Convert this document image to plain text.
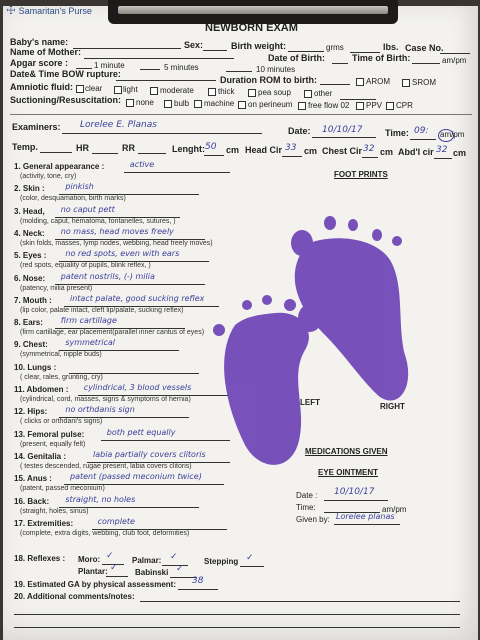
☩ Samaritan's Purse
NEWBORN EXAM
Baby's name:	Sex:	Birth weight:	grms	lbs. Case No.
Name of Mother:
Date of Birth:	Time of Birth:	am/pm
Apgar score :	1 minute	5 minutes	10 minutes
Date& Time BOW rupture:
Duration ROM to birth:	AROM	SROM
Amniotic fluid: clear	light	moderate	thick	pea soup	other
Suctioning/Resuscitation: none	bulb machine on perineum free flow 02 PPV CPR
Examiners: Lorelee E. Planas
Date: 10/10/17	Time: 09: am/pm
Temp.	HR	RR	Lenght: 50 cm Head Cir 33 cm Chest Cir 32 cm Abd'l cir 32 cm
1. General appearance :	active
(activity, tone, cry)
2. Skin :	pinkish
(color, desquamation, birth marks)
3. Head, no caput pett
(molding, caput, hematoma, fontanelles, sutures, )
4. Neck: no mass, head moves freely
(skin folds, masses, lymp nodes, webbing, head freely moves)
5. Eyes : no red spots, even with ears
(red spots, equality of pupils, blink reflex, )
6. Nose: patent nostrils, (-) milia
(patency, milia present)
7. Mouth : intact palate, good sucking reflex
(lip color, palate intact, cleft lip/palate, sucking reflex)
8. Ears: firm cartillage
(firm cartillage, ear placement(parallel inner cantus of eyes)
9. Chest: symmetrical
(symmetrical, nipple buds)
10. Lungs :
( clear, rales, grunting, cry)
11. Abdomen : cylindrical, 3 blood vessels
(cylindrical, cord, masses, signs & symptoms of hernia)
12. Hips: no orthdanis sign
( clicks or orthdani's signs)
13. Femoral pulse:	both pett equally
(present, equally felt)
14. Genitalia :	labia partially covers clitoris
( testes descended, rugae present, labia covers clitoris)
15. Anus : patent (passed meconium twice)
(patent, passed meconium)
16. Back: straight, no holes
(straight, holes, sinus)
17. Extremities:	complete
(complete, extra digits, webbing, club foot, deformities)
FOOT PRINTS
LEFT	RIGHT
MEDICATIONS GIVEN
EYE OINTMENT
Date : 10/10/17
Time:	am/pm
Given by: Lorelee planas
18. Reflexes : Moro: ✓ Palmar: ✓	Stepping ✓
Plantar: ✓ Babinski ✓
19. Estimated GA by physical assessment: 38
20. Additional comments/notes:
